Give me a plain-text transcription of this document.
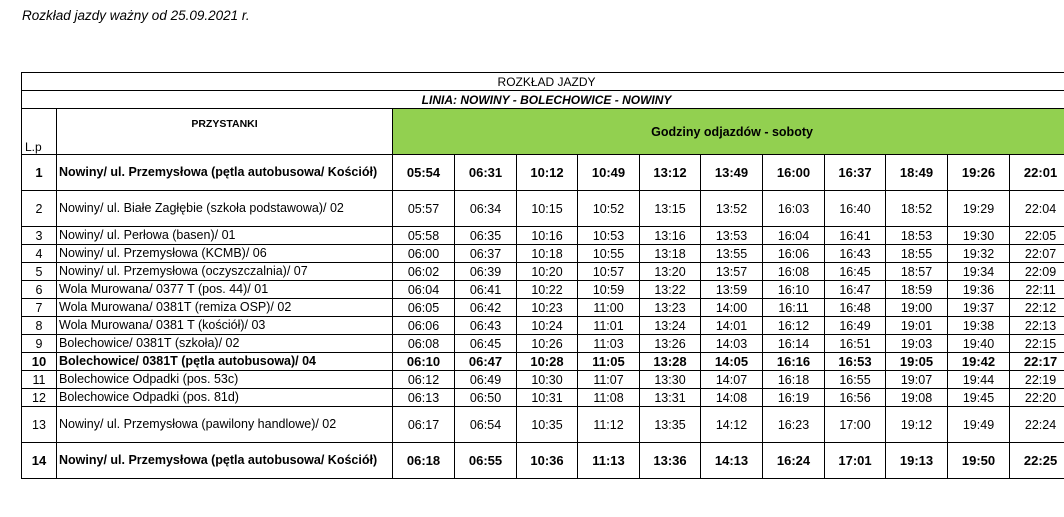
Rozkład jazdy ważny od 25.09.2021 r.
ROZKŁAD JAZDY												
LINIA: NOWINY - BOLECHOWICE - NOWINY												
L.p	PRZYSTANKI	Godziny odjazdów - soboty										
1	Nowiny/ ul. Przemysłowa (pętla autobusowa/ Kościół)	05:54	06:31	10:12	10:49	13:12	13:49	16:00	16:37	18:49	19:26	22:01
2	Nowiny/ ul. Białe Zagłębie (szkoła podstawowa)/ 02	05:57	06:34	10:15	10:52	13:15	13:52	16:03	16:40	18:52	19:29	22:04
3	Nowiny/ ul. Perłowa (basen)/ 01	05:58	06:35	10:16	10:53	13:16	13:53	16:04	16:41	18:53	19:30	22:05
4	Nowiny/ ul. Przemysłowa (KCMB)/ 06	06:00	06:37	10:18	10:55	13:18	13:55	16:06	16:43	18:55	19:32	22:07
5	Nowiny/ ul. Przemysłowa (oczyszczalnia)/ 07	06:02	06:39	10:20	10:57	13:20	13:57	16:08	16:45	18:57	19:34	22:09
6	Wola Murowana/ 0377 T (pos. 44)/ 01	06:04	06:41	10:22	10:59	13:22	13:59	16:10	16:47	18:59	19:36	22:11
7	Wola Murowana/ 0381T (remiza OSP)/ 02	06:05	06:42	10:23	11:00	13:23	14:00	16:11	16:48	19:00	19:37	22:12
8	Wola Murowana/ 0381 T (kościół)/ 03	06:06	06:43	10:24	11:01	13:24	14:01	16:12	16:49	19:01	19:38	22:13
9	Bolechowice/ 0381T (szkoła)/ 02	06:08	06:45	10:26	11:03	13:26	14:03	16:14	16:51	19:03	19:40	22:15
10	Bolechowice/ 0381T (pętla autobusowa)/ 04	06:10	06:47	10:28	11:05	13:28	14:05	16:16	16:53	19:05	19:42	22:17
11	Bolechowice Odpadki (pos. 53c)	06:12	06:49	10:30	11:07	13:30	14:07	16:18	16:55	19:07	19:44	22:19
12	Bolechowice Odpadki (pos. 81d)	06:13	06:50	10:31	11:08	13:31	14:08	16:19	16:56	19:08	19:45	22:20
13	Nowiny/ ul. Przemysłowa (pawilony handlowe)/ 02	06:17	06:54	10:35	11:12	13:35	14:12	16:23	17:00	19:12	19:49	22:24
14	Nowiny/ ul. Przemysłowa (pętla autobusowa/ Kościół)	06:18	06:55	10:36	11:13	13:36	14:13	16:24	17:01	19:13	19:50	22:25
